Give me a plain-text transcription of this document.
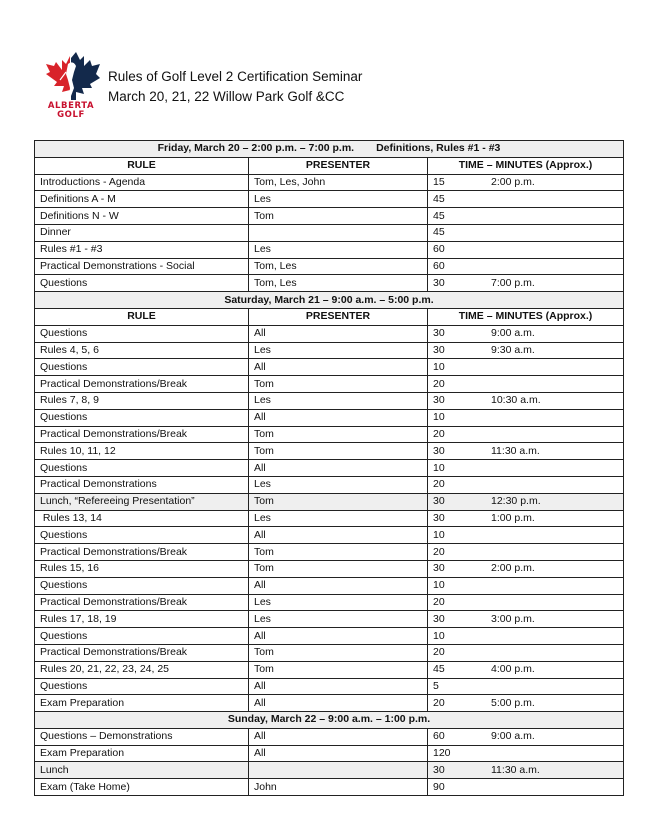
ALBERTA
GOLF
Rules of Golf Level 2 Certification Seminar
March 20, 21, 22 Willow Park Golf &CC
Friday, March 20 – 2:00 p.m. – 7:00 p.m. Definitions, Rules #1 - #3		
RULE	PRESENTER	TIME – MINUTES (Approx.)
Introductions - Agenda	Tom, Les, John	15 2:00 p.m.
Definitions A - M	Les	45
Definitions N - W	Tom	45
Dinner		45
Rules #1 - #3	Les	60
Practical Demonstrations - Social	Tom, Les	60
Questions	Tom, Les	30 7:00 p.m.
Saturday, March 21 – 9:00 a.m. – 5:00 p.m.		
RULE	PRESENTER	TIME – MINUTES (Approx.)
Questions	All	30 9:00 a.m.
Rules 4, 5, 6	Les	30 9:30 a.m.
Questions	All	10
Practical Demonstrations/Break	Tom	20
Rules 7, 8, 9	Les	30 10:30 a.m.
Questions	All	10
Practical Demonstrations/Break	Tom	20
Rules 10, 11, 12	Tom	30 11:30 a.m.
Questions	All	10
Practical Demonstrations	Les	20
Lunch, “Refereeing Presentation”	Tom	30 12:30 p.m.
Rules 13, 14	Les	30 1:00 p.m.
Questions	All	10
Practical Demonstrations/Break	Tom	20
Rules 15, 16	Tom	30 2:00 p.m.
Questions	All	10
Practical Demonstrations/Break	Les	20
Rules 17, 18, 19	Les	30 3:00 p.m.
Questions	All	10
Practical Demonstrations/Break	Tom	20
Rules 20, 21, 22, 23, 24, 25	Tom	45 4:00 p.m.
Questions	All	5
Exam Preparation	All	20 5:00 p.m.
Sunday, March 22 – 9:00 a.m. – 1:00 p.m.		
Questions – Demonstrations	All	60 9:00 a.m.
Exam Preparation	All	120
Lunch		30 11:30 a.m.
Exam (Take Home)	John	90
